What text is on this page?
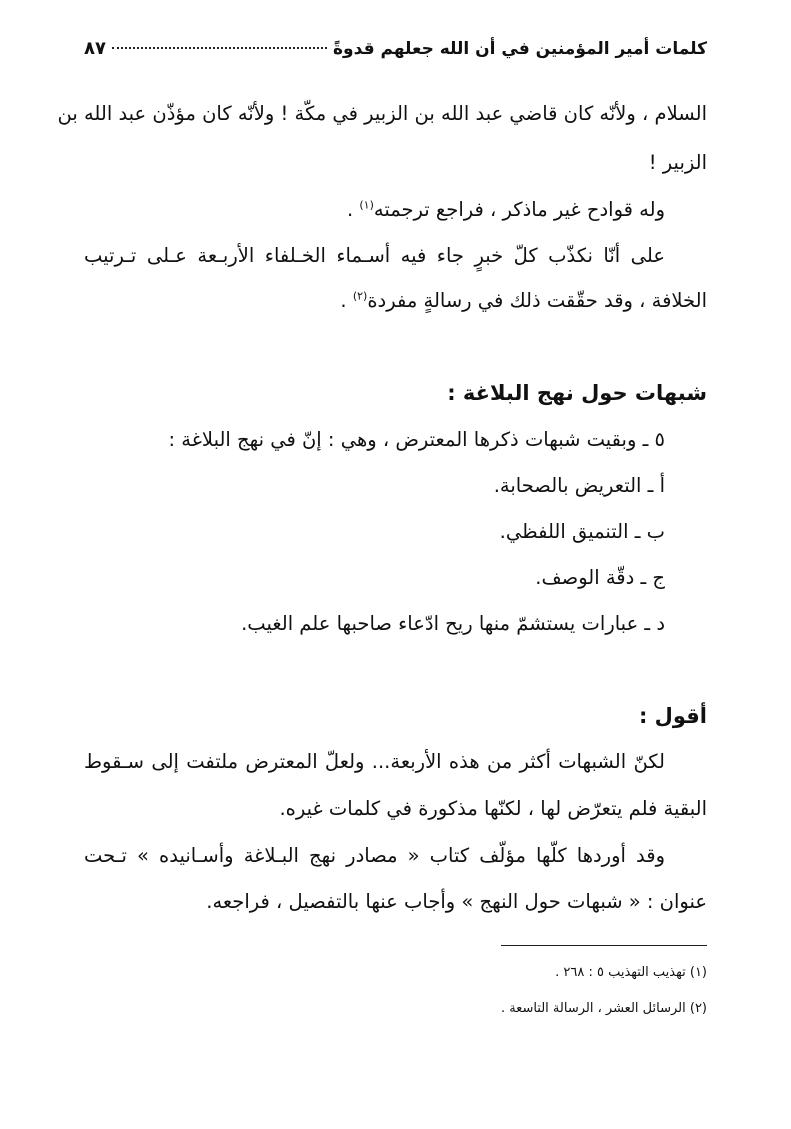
كلمات أمير المؤمنين في أن الله جعلهم قدوةً
٨٧
السلام ، ولأنّه كان قاضي عبد الله بن الزبير في مكّة ! ولأنّه كان مؤذّن عبد الله بن
الزبير !
وله قوادح غير ماذكر ، فراجع ترجمته$^{(١)}$ .
على أنّا نكذّب كلّ خبرٍ جاء فيه أسـماء الخـلفاء الأربـعة عـلى تـرتيب
الخلافة ، وقد حقّقت ذلك في رسالةٍ مفردة$^{(٢)}$ .
شبهات حول نهج البلاغة :
٥ ـ وبقيت شبهات ذكرها المعترض ، وهي : إنّ في نهج البلاغة :
أ ـ التعريض بالصحابة.
ب ـ التنميق اللفظي.
ج ـ دقّة الوصف.
د ـ عبارات يستشمّ منها ريح ادّعاء صاحبها علم الغيب.
أقول :
لكنّ الشبهات أكثر من هذه الأربعة... ولعلّ المعترض ملتفت إلى سـقوط
البقية فلم يتعرّض لها ، لكنّها مذكورة في كلمات غيره.
وقد أوردها كلّها مؤلّف كتاب « مصادر نهج البـلاغة وأسـانيده » تـحت
عنوان : « شبهات حول النهج » وأجاب عنها بالتفصيل ، فراجعه.
(١) تهذيب التهذيب ٥ : ٢٦٨ .
(٢) الرسائل العشر ، الرسالة التاسعة .
